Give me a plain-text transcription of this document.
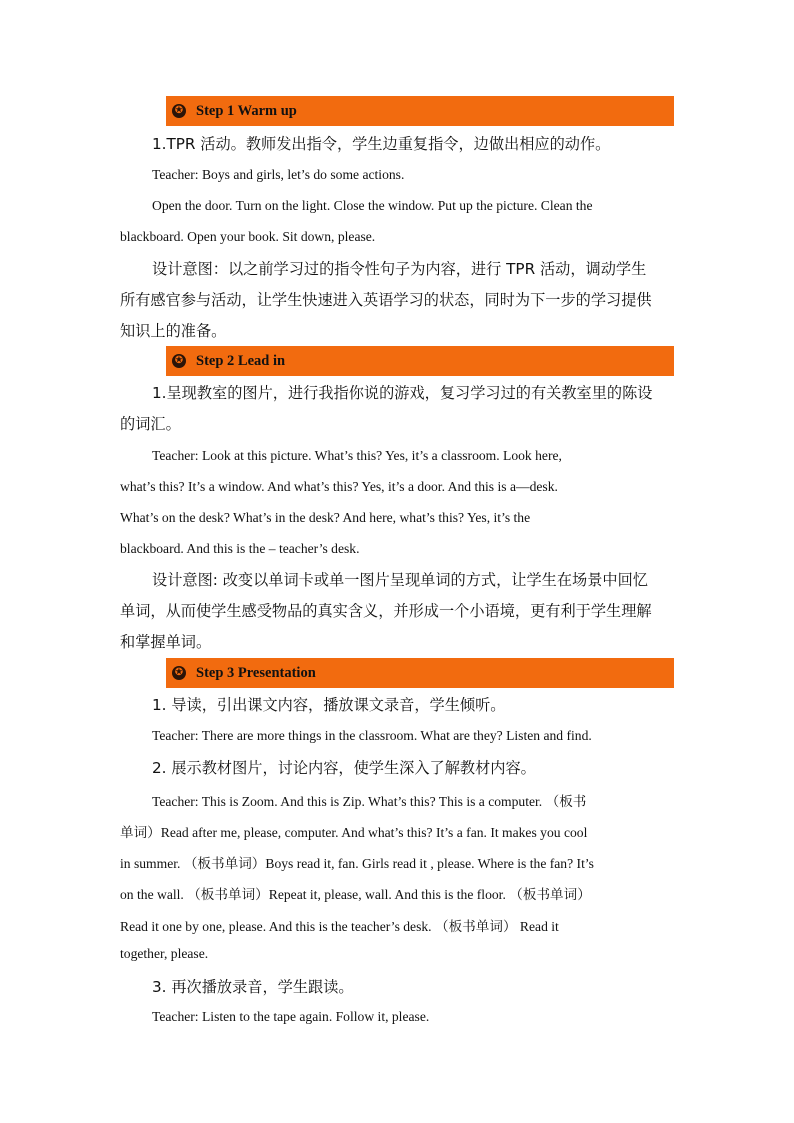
✪ Step 1 Warm up
1.TPR 活动。教师发出指令，学生边重复指令，边做出相应的动作。
Teacher: Boys and girls, let’s do some actions.
Open the door. Turn on the light. Close the window. Put up the picture. Clean the
blackboard. Open your book. Sit down, please.
设计意图：以之前学习过的指令性句子为内容，进行 TPR 活动，调动学生
所有感官参与活动，让学生快速进入英语学习的状态，同时为下一步的学习提供
知识上的准备。
✪ Step 2 Lead in
1.呈现教室的图片，进行我指你说的游戏，复习学习过的有关教室里的陈设
的词汇。
Teacher: Look at this picture. What’s this? Yes, it’s a classroom. Look here,
what’s this? It’s a window. And what’s this? Yes, it’s a door. And this is a—desk.
What’s on the desk? What’s in the desk? And here, what’s this? Yes, it’s the
blackboard. And this is the – teacher’s desk.
设计意图: 改变以单词卡或单一图片呈现单词的方式，让学生在场景中回忆
单词，从而使学生感受物品的真实含义，并形成一个小语境，更有利于学生理解
和掌握单词。
✪ Step 3 Presentation
1. 导读，引出课文内容，播放课文录音，学生倾听。
Teacher: There are more things in the classroom. What are they? Listen and find.
2. 展示教材图片，讨论内容，使学生深入了解教材内容。
Teacher: This is Zoom. And this is Zip. What’s this? This is a computer. （板书
单词）Read after me, please, computer. And what’s this? It’s a fan. It makes you cool
in summer. （板书单词）Boys read it, fan. Girls read it , please. Where is the fan? It’s
on the wall. （板书单词）Repeat it, please, wall. And this is the floor. （板书单词）
Read it one by one, please. And this is the teacher’s desk. （板书单词） Read it
together, please.
3. 再次播放录音，学生跟读。
Teacher: Listen to the tape again. Follow it, please.
